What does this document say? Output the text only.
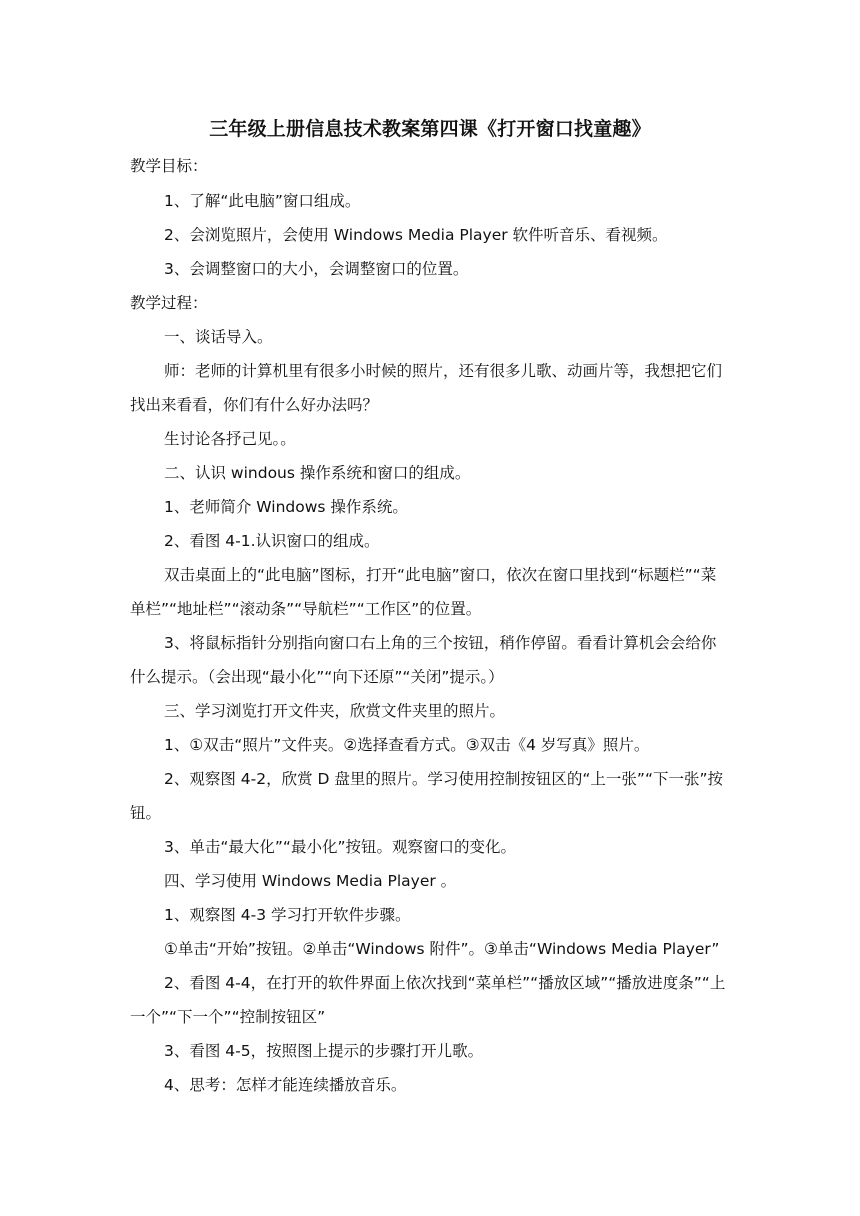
三年级上册信息技术教案第四课《打开窗口找童趣》
教学目标：
1、了解“此电脑”窗口组成。
2、会浏览照片，会使用 Windows Media Player 软件听音乐、看视频。
3、会调整窗口的大小，会调整窗口的位置。
教学过程：
一、谈话导入。
师：老师的计算机里有很多小时候的照片，还有很多儿歌、动画片等，我想把它们找出来看看，你们有什么好办法吗？
生讨论各抒己见。。
二、认识 windous 操作系统和窗口的组成。
1、老师简介 Windows 操作系统。
2、看图 4-1.认识窗口的组成。
双击桌面上的“此电脑”图标，打开“此电脑”窗口，依次在窗口里找到“标题栏”“菜单栏”“地址栏”“滚动条”“导航栏”“工作区”的位置。
3、将鼠标指针分别指向窗口右上角的三个按钮，稍作停留。看看计算机会会给你什么提示。（会出现“最小化”“向下还原”“关闭”提示。）
三、学习浏览打开文件夹，欣赏文件夹里的照片。
1、①双击“照片”文件夹。②选择查看方式。③双击《4 岁写真》照片。
2、观察图 4-2，欣赏 D 盘里的照片。学习使用控制按钮区的“上一张”“下一张”按钮。
3、单击“最大化”“最小化”按钮。观察窗口的变化。
四、学习使用 Windows Media Player 。
1、观察图 4-3 学习打开软件步骤。
①单击“开始”按钮。②单击“Windows 附件”。③单击“Windows Media Player”
2、看图 4-4，在打开的软件界面上依次找到“菜单栏”“播放区域”“播放进度条”“上一个”“下一个”“控制按钮区”
3、看图 4-5，按照图上提示的步骤打开儿歌。
4、思考：怎样才能连续播放音乐。
